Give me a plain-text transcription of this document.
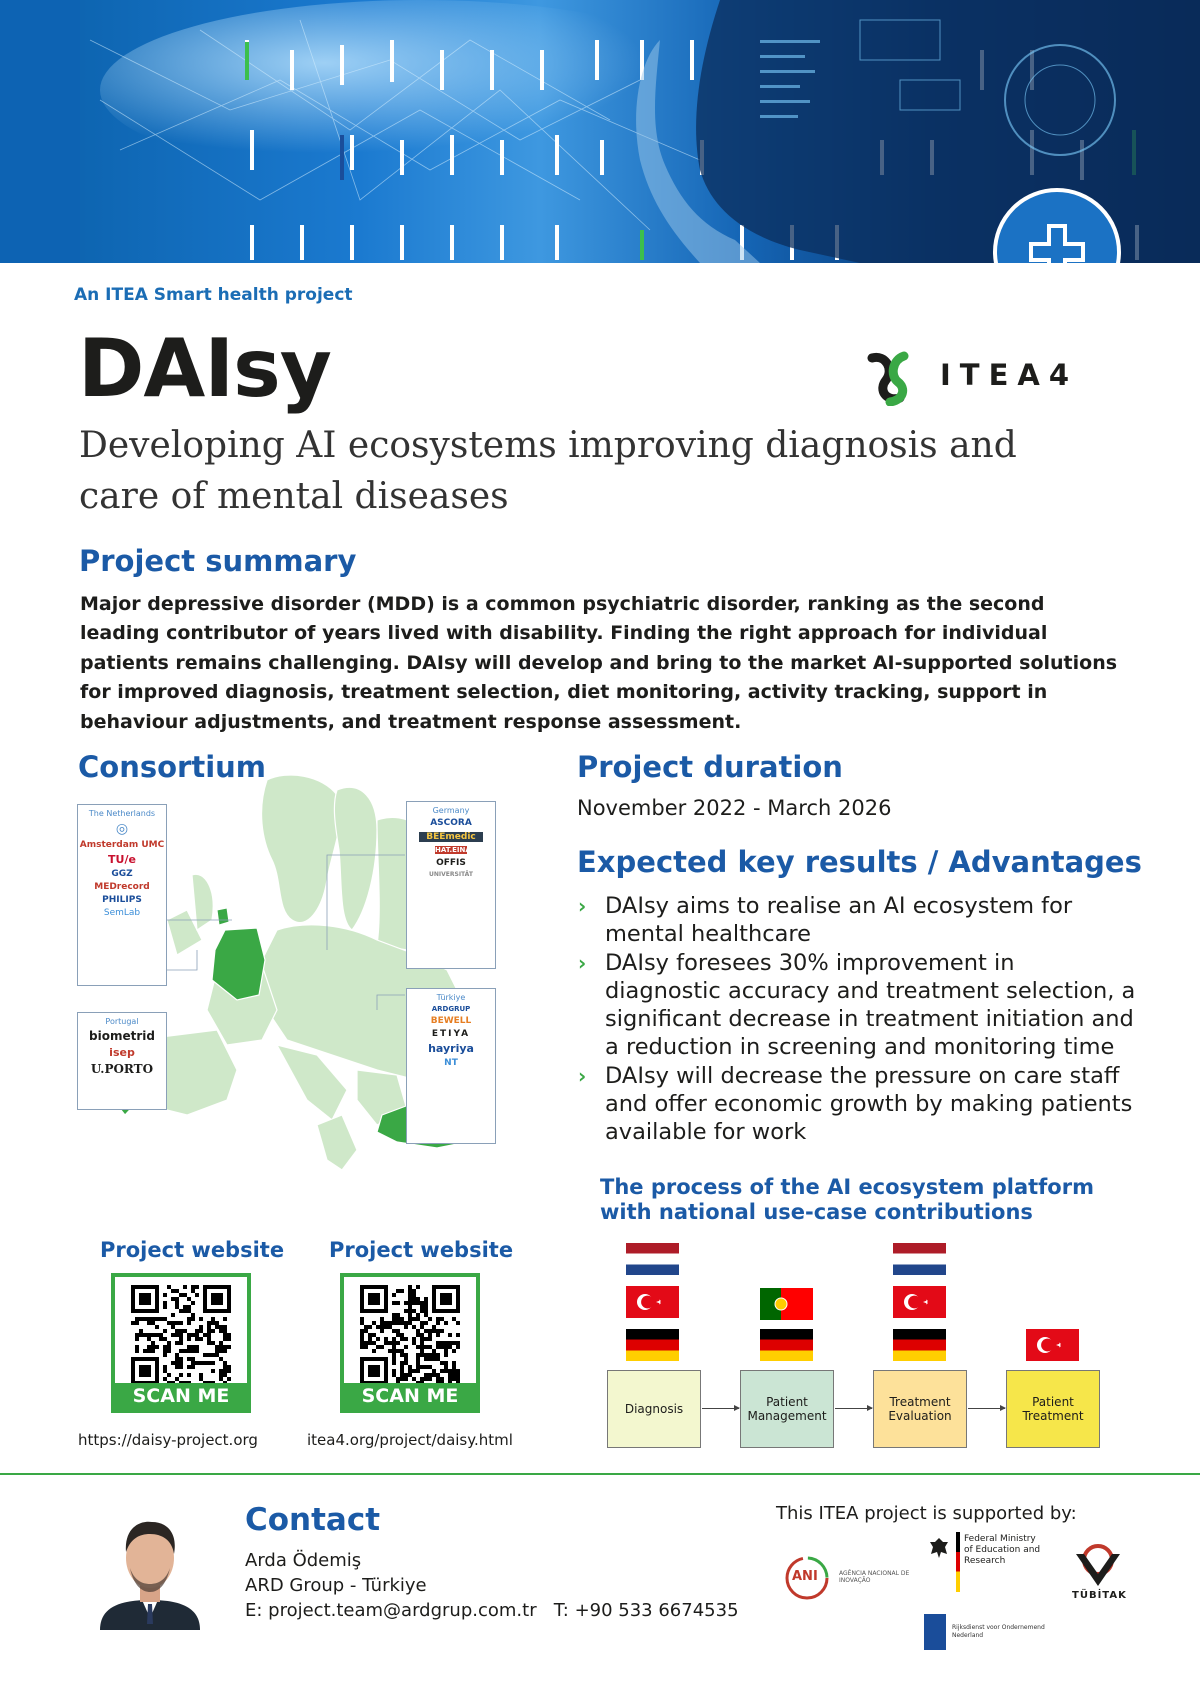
An ITEA Smart health project
DAIsy	ITEA4
Developing AI ecosystems improving diagnosis and care of mental diseases
Project summary

Major depressive disorder (MDD) is a common psychiatric disorder, ranking as the second leading contributor of years lived with disability. Finding the right approach for individual patients remains challenging. DAIsy will develop and bring to the market AI-supported solutions for improved diagnosis, treatment selection, diet monitoring, activity tracking, support in behaviour adjustments, and treatment response assessment.

Consortium
The Netherlands
◎
Amsterdam UMC
TU/e
GGZ
MEDrecord
PHILIPS
SemLab
Portugal
biometrid
isep
U.PORTO
Germany
ASCORA
BEEmedic
HAT.EINA
OFFIS
UNIVERSITÄT
Türkiye
ARDGRUP
BEWELL
ETIYA
hayriya
NT
Project duration
November 2022 - March 2026
Expected key results / Advantages
› DAIsy aims to realise an AI ecosystem for mental healthcare
› DAIsy foresees 30% improvement in diagnostic accuracy and treatment selection, a significant decrease in treatment initiation and a reduction in screening and monitoring time
› DAIsy will decrease the pressure on care staff and offer economic growth by making patients available for work
The process of the AI ecosystem platform with national use-case contributions
Diagnosis	Patient Management
Treatment Evaluation
Patient Treatment
Project website
SCAN ME
https://daisy-project.org
Project website
SCAN ME
itea4.org/project/daisy.html
Contact
Arda Ödemiş
ARD Group - Türkiye
E: project.team@ardgrup.com.tr   T: +90 533 6674535
This ITEA project is supported by:
ANI	AGÊNCIA NACIONAL DE INOVAÇÃO
Federal Ministry of Education and Research
Rijksdienst voor Ondernemend Nederland
TÜBİTAK
